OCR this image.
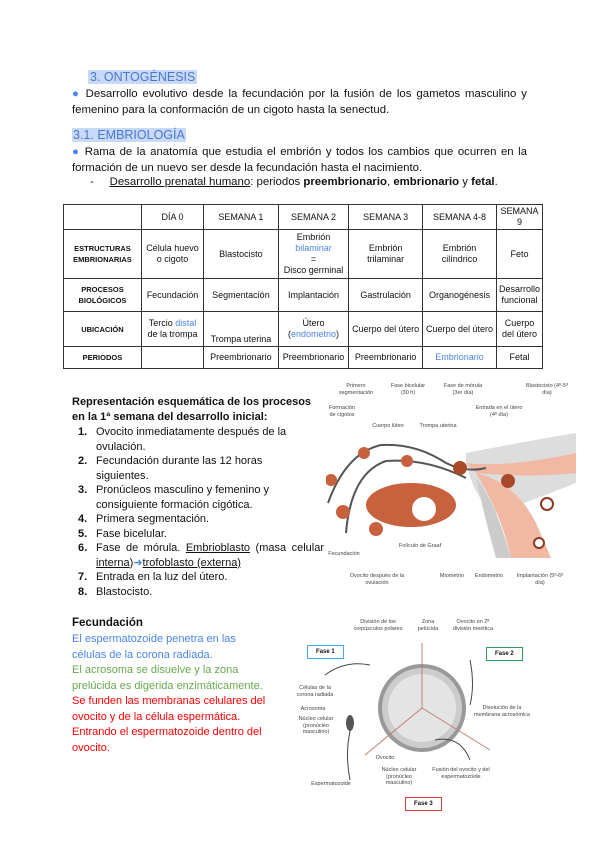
3. ONTOGÉNESIS
● Desarrollo evolutivo desde la fecundación por la fusión de los gametos masculino y femenino para la conformación de un cigoto hasta la senectud.
3.1. EMBRIOLOGÍA
● Rama de la anatomía que estudia el embrión y todos los cambios que ocurren en la formación de un nuevo ser desde la fecundación hasta el nacimiento.
- Desarrollo prenatal humano: periodos preembrionario, embrionario y fetal.
	DÍA 0	SEMANA 1	SEMANA 2	SEMANA 3	SEMANA 4-8	SEMANA 9
ESTRUCTURAS EMBRIONARIAS	Célula huevo o cigoto	Blastocisto	Embrión
bilaminar
=
Disco germinal	Embrión trilaminar	Embrión cilíndrico	Feto
PROCESOS BIOLÓGICOS	Fecundación	Segmentación	Implantación	Gastrulación	Organogénesis	Desarrollo funcional
UBICACIÓN	Tercio distal
de la trompa	Trompa uterina	Útero
(endometrio)	Cuerpo del útero	Cuerpo del útero	Cuerpo del útero
PERIODOS		Preembrionario	Preembrionario	Preembrionario	Embrionario	Fetal
Representación esquemática de los procesos en la 1ª semana del desarrollo inicial:
1. Ovocito inmediatamente después de la ovulación.
2. Fecundación durante las 12 horas siguientes.
3. Pronúcleos masculino y femenino y consiguiente formación cigótica.
4. Primera segmentación.
5. Fase bicelular.
6. Fase de mórula. Embrioblasto (masa celular interna)➜trofoblasto (externa)
7. Entrada en la luz del útero.
8. Blastocisto.
Fecundación
El espermatozoide penetra en las células de la corona radiada.
El acrosoma se disuelve y la zona prelúcida es digerida enzimáticamente.
Se funden las membranas celulares del ovocito y de la célula espermática. Entrando el espermatozoide dentro del ovocito.
Primero segmentación
Fase bicelular (30 h)
Fase de mórula (3er día)
Blastocisto (4º-5º día)
Formación de cigotos
Cuerpo lúteo	Trompa uterina
Entrada en el útero (4º día)
Fecundación
Folículo de Graaf
Ovocito después de la ovulación
Miometrio	Endometrio	Implantación (5º-6º día)
Fase 1	Fase 2
Fase 3
División de los corpúsculos polares
Zona pelúcida
Ovocito en 2ª división meiótica
Células de la corona radiada
Acrosoma
Núcleo celular (pronúcleo masculino)
Disolución de la membrana acrosómica
Ovocito
Espermatozoide
Núcleo celular (pronúcleo masculino)
Fusión del ovocito y del espermatozoide
